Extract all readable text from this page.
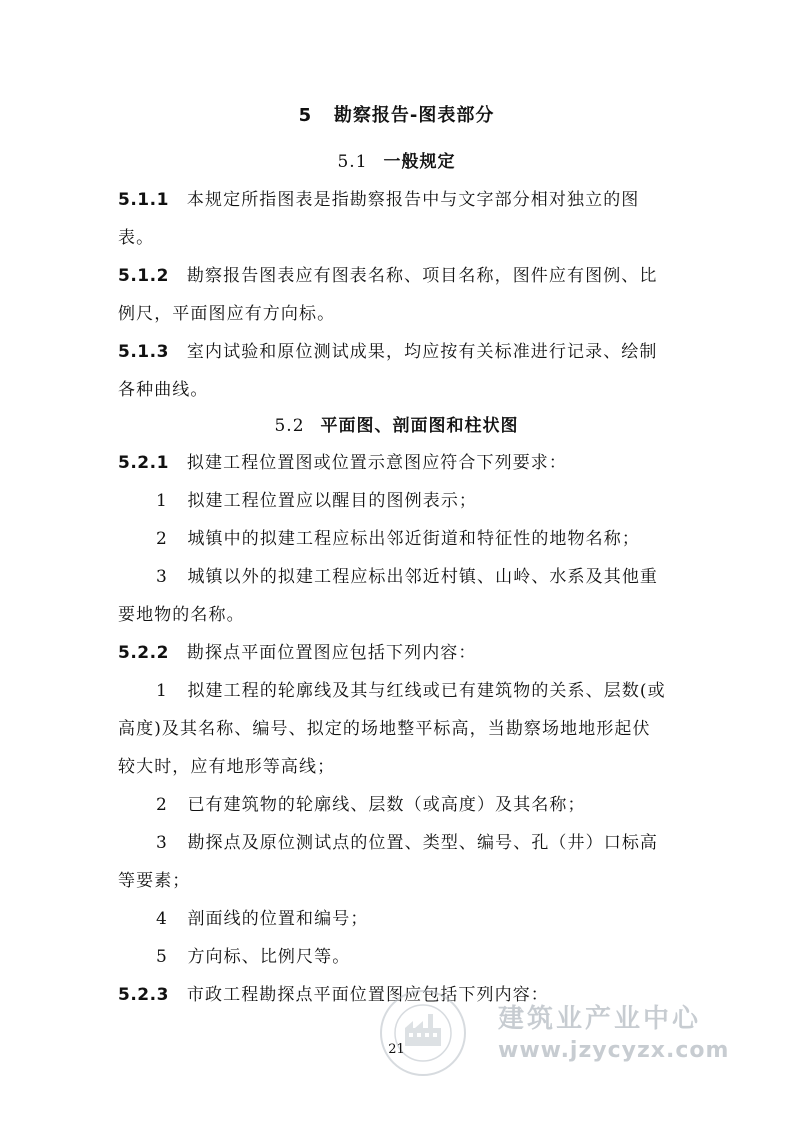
5 勘察报告-图表部分
5.1 一般规定
5.1.1 本规定所指图表是指勘察报告中与文字部分相对独立的图
表。
5.1.2 勘察报告图表应有图表名称、项目名称，图件应有图例、比
例尺，平面图应有方向标。
5.1.3 室内试验和原位测试成果，均应按有关标准进行记录、绘制
各种曲线。
5.2 平面图、剖面图和柱状图
5.2.1 拟建工程位置图或位置示意图应符合下列要求：
1 拟建工程位置应以醒目的图例表示；
2 城镇中的拟建工程应标出邻近街道和特征性的地物名称；
3 城镇以外的拟建工程应标出邻近村镇、山岭、水系及其他重
要地物的名称。
5.2.2 勘探点平面位置图应包括下列内容：
1 拟建工程的轮廓线及其与红线或已有建筑物的关系、层数(或
高度)及其名称、编号、拟定的场地整平标高，当勘察场地地形起伏
较大时，应有地形等高线；
2 已有建筑物的轮廓线、层数（或高度）及其名称；
3 勘探点及原位测试点的位置、类型、编号、孔（井）口标高
等要素；
4 剖面线的位置和编号；
5 方向标、比例尺等。
5.2.3 市政工程勘探点平面位置图应包括下列内容：
建筑业产业中心
www.jzycyzx.com
21
